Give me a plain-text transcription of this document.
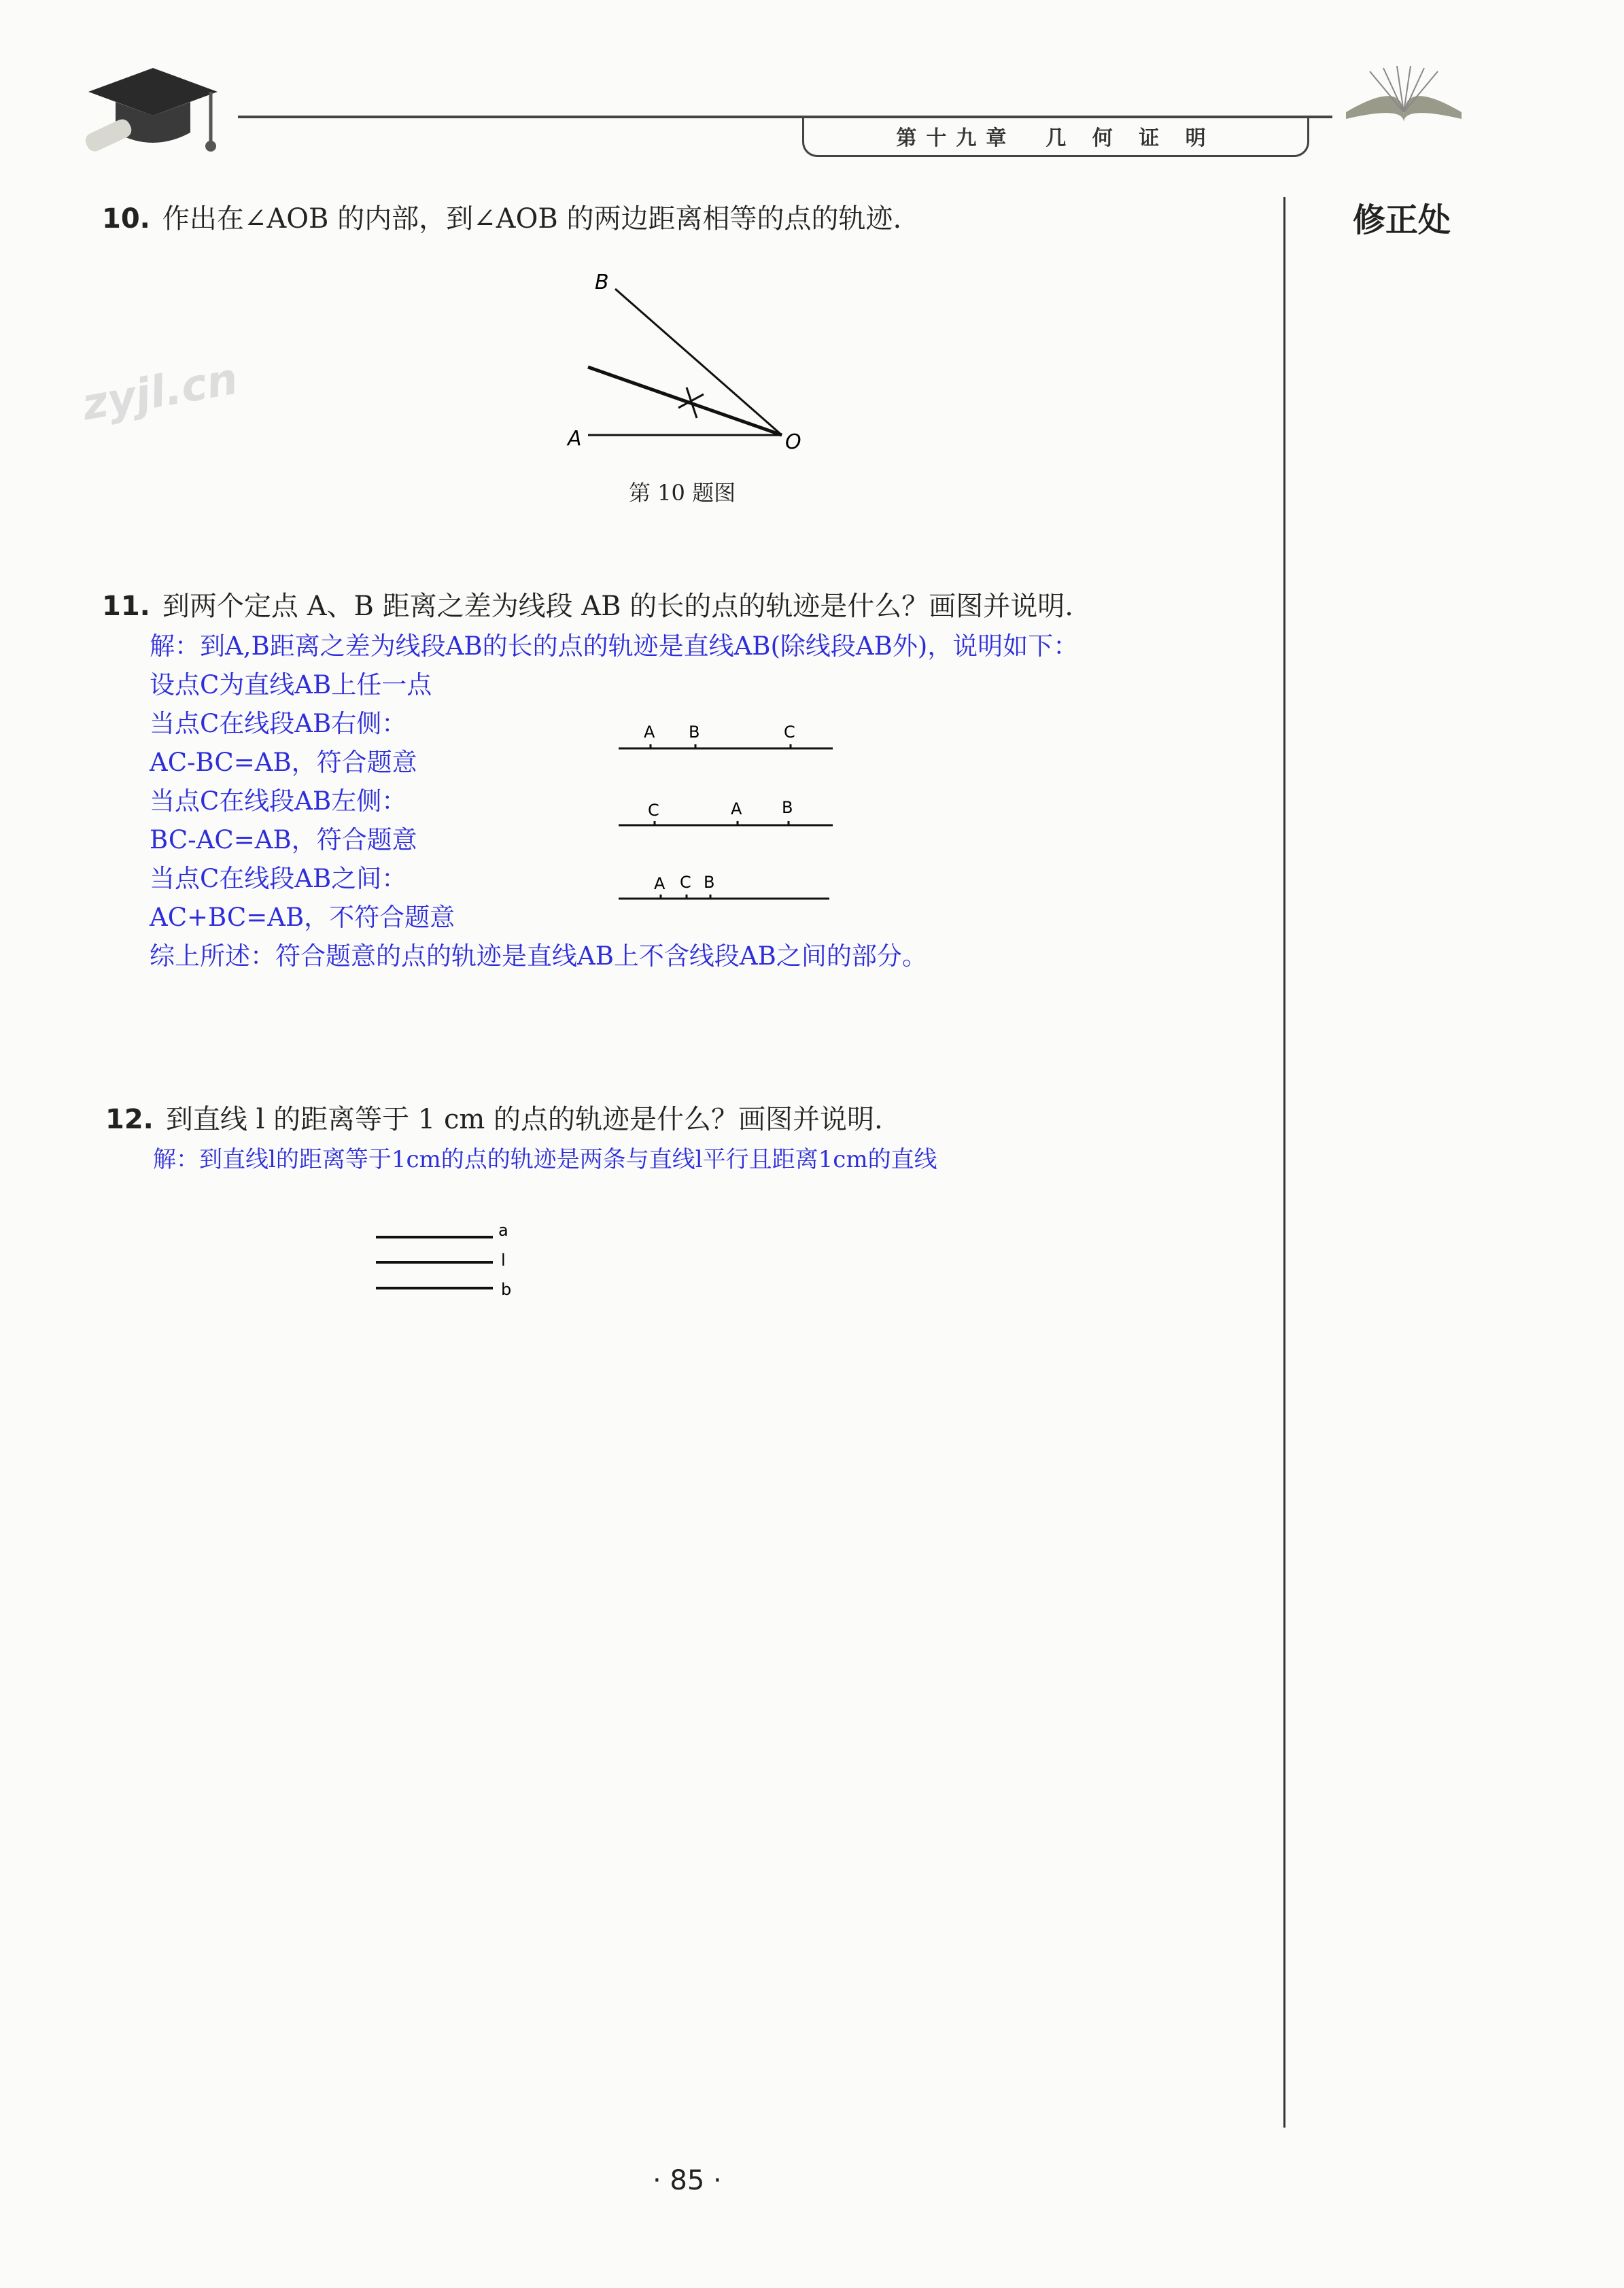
第十九章　几 何 证 明
修正处
zyjl.cn
10. 作出在∠AOB 的内部，到∠AOB 的两边距离相等的点的轨迹.
B
A	O
第 10 题图
11. 到两个定点 A、B 距离之差为线段 AB 的长的点的轨迹是什么？画图并说明.
解：到A,B距离之差为线段AB的长的点的轨迹是直线AB(除线段AB外)，说明如下：
设点C为直线AB上任一点
当点C在线段AB右侧：
AC-BC=AB，符合题意
当点C在线段AB左侧：
BC-AC=AB，符合题意
当点C在线段AB之间：
AC+BC=AB，不符合题意
综上所述：符合题意的点的轨迹是直线AB上不含线段AB之间的部分。
A B	C
C	A B
A C B
12. 到直线 l 的距离等于 1 cm 的点的轨迹是什么？画图并说明.
解：到直线l的距离等于1cm的点的轨迹是两条与直线l平行且距离1cm的直线
a
l
b
· 85 ·
